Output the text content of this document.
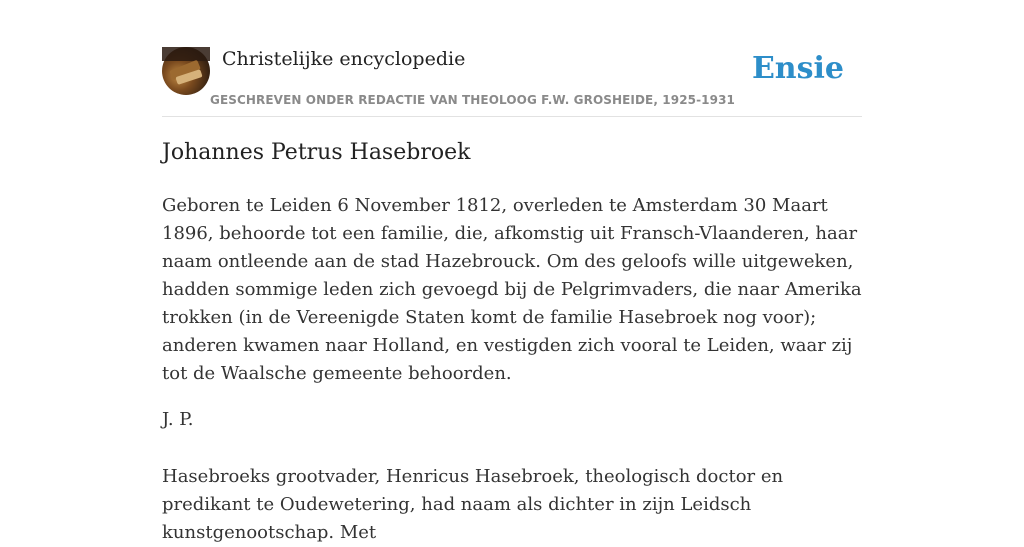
Christelijke encyclopedie
GESCHREVEN ONDER REDACTIE VAN THEOLOOG F.W. GROSHEIDE, 1925-1931
Ensie
Johannes Petrus Hasebroek

Geboren te Leiden 6 November 1812, overleden te Amsterdam 30 Maart 1896, behoorde tot een familie, die, afkomstig uit Fransch-Vlaanderen, haar naam ontleende aan de stad Hazebrouck. Om des geloofs wille uitgeweken, hadden sommige leden zich gevoegd bij de Pelgrimvaders, die naar Amerika trokken (in de Vereenigde Staten komt de familie Hasebroek nog voor); anderen kwamen naar Holland, en vestigden zich vooral te Leiden, waar zij tot de Waalsche gemeente behoorden.

J. P.

Hasebroeks grootvader, Henricus Hasebroek, theologisch doctor en predikant te Oudewetering, had naam als dichter in zijn Leidsch kunstgenootschap. Met
